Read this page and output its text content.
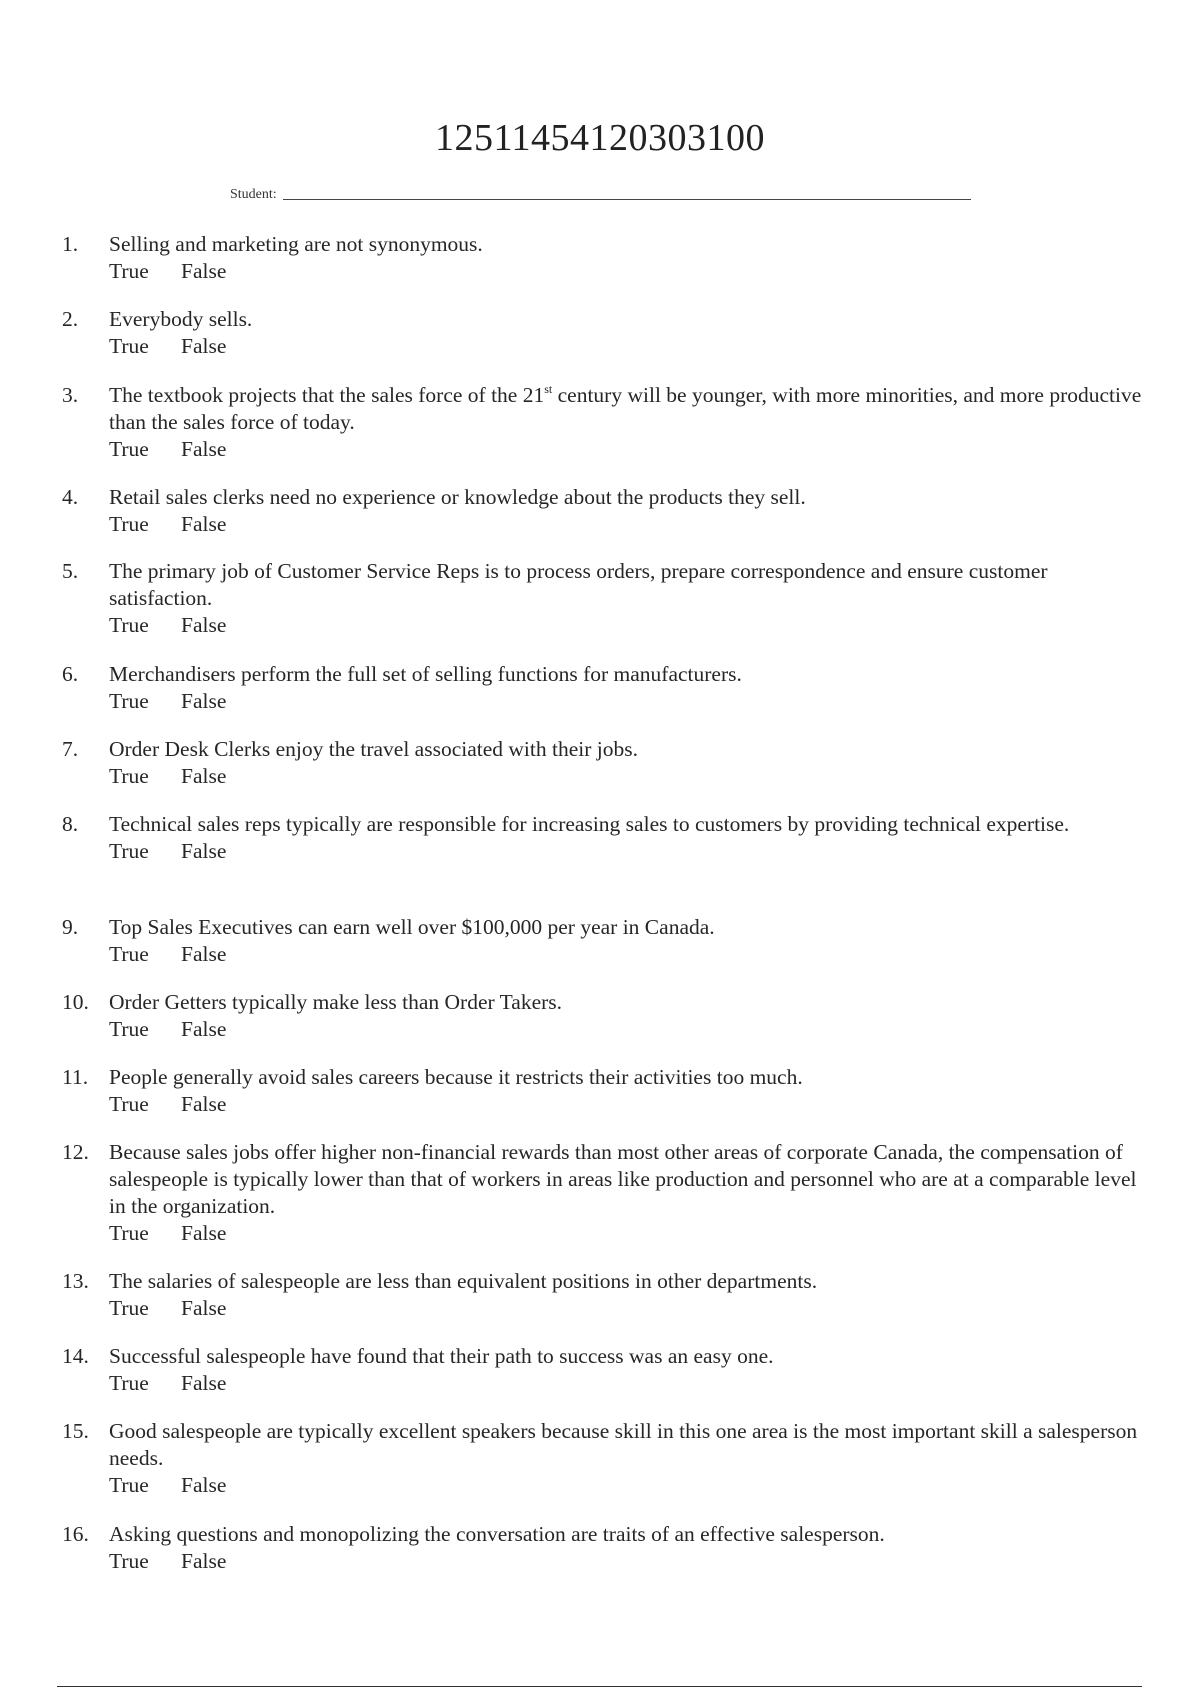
12511454120303100
Student:
1.	Selling and marketing are not synonymous.
True	False
2.	Everybody sells.
True	False
3.	The textbook projects that the sales force of the 21st century will be younger, with more minorities, and more productive than the sales force of today.
True	False
4.	Retail sales clerks need no experience or knowledge about the products they sell.
True	False
5.	The primary job of Customer Service Reps is to process orders, prepare correspondence and ensure customer satisfaction.
True	False
6.	Merchandisers perform the full set of selling functions for manufacturers.
True	False
7.	Order Desk Clerks enjoy the travel associated with their jobs.
True	False
8.	Technical sales reps typically are responsible for increasing sales to customers by providing technical expertise.
True	False
9.	Top Sales Executives can earn well over $100,000 per year in Canada.
True	False
10. Order Getters typically make less than Order Takers.
True	False
11. People generally avoid sales careers because it restricts their activities too much.
True	False
12. Because sales jobs offer higher non-financial rewards than most other areas of corporate Canada, the compensation of salespeople is typically lower than that of workers in areas like production and personnel who are at a comparable level in the organization.
True	False
13. The salaries of salespeople are less than equivalent positions in other departments.
True	False
14. Successful salespeople have found that their path to success was an easy one.
True	False
15. Good salespeople are typically excellent speakers because skill in this one area is the most important skill a salesperson needs.
True	False
16. Asking questions and monopolizing the conversation are traits of an effective salesperson.
True	False
